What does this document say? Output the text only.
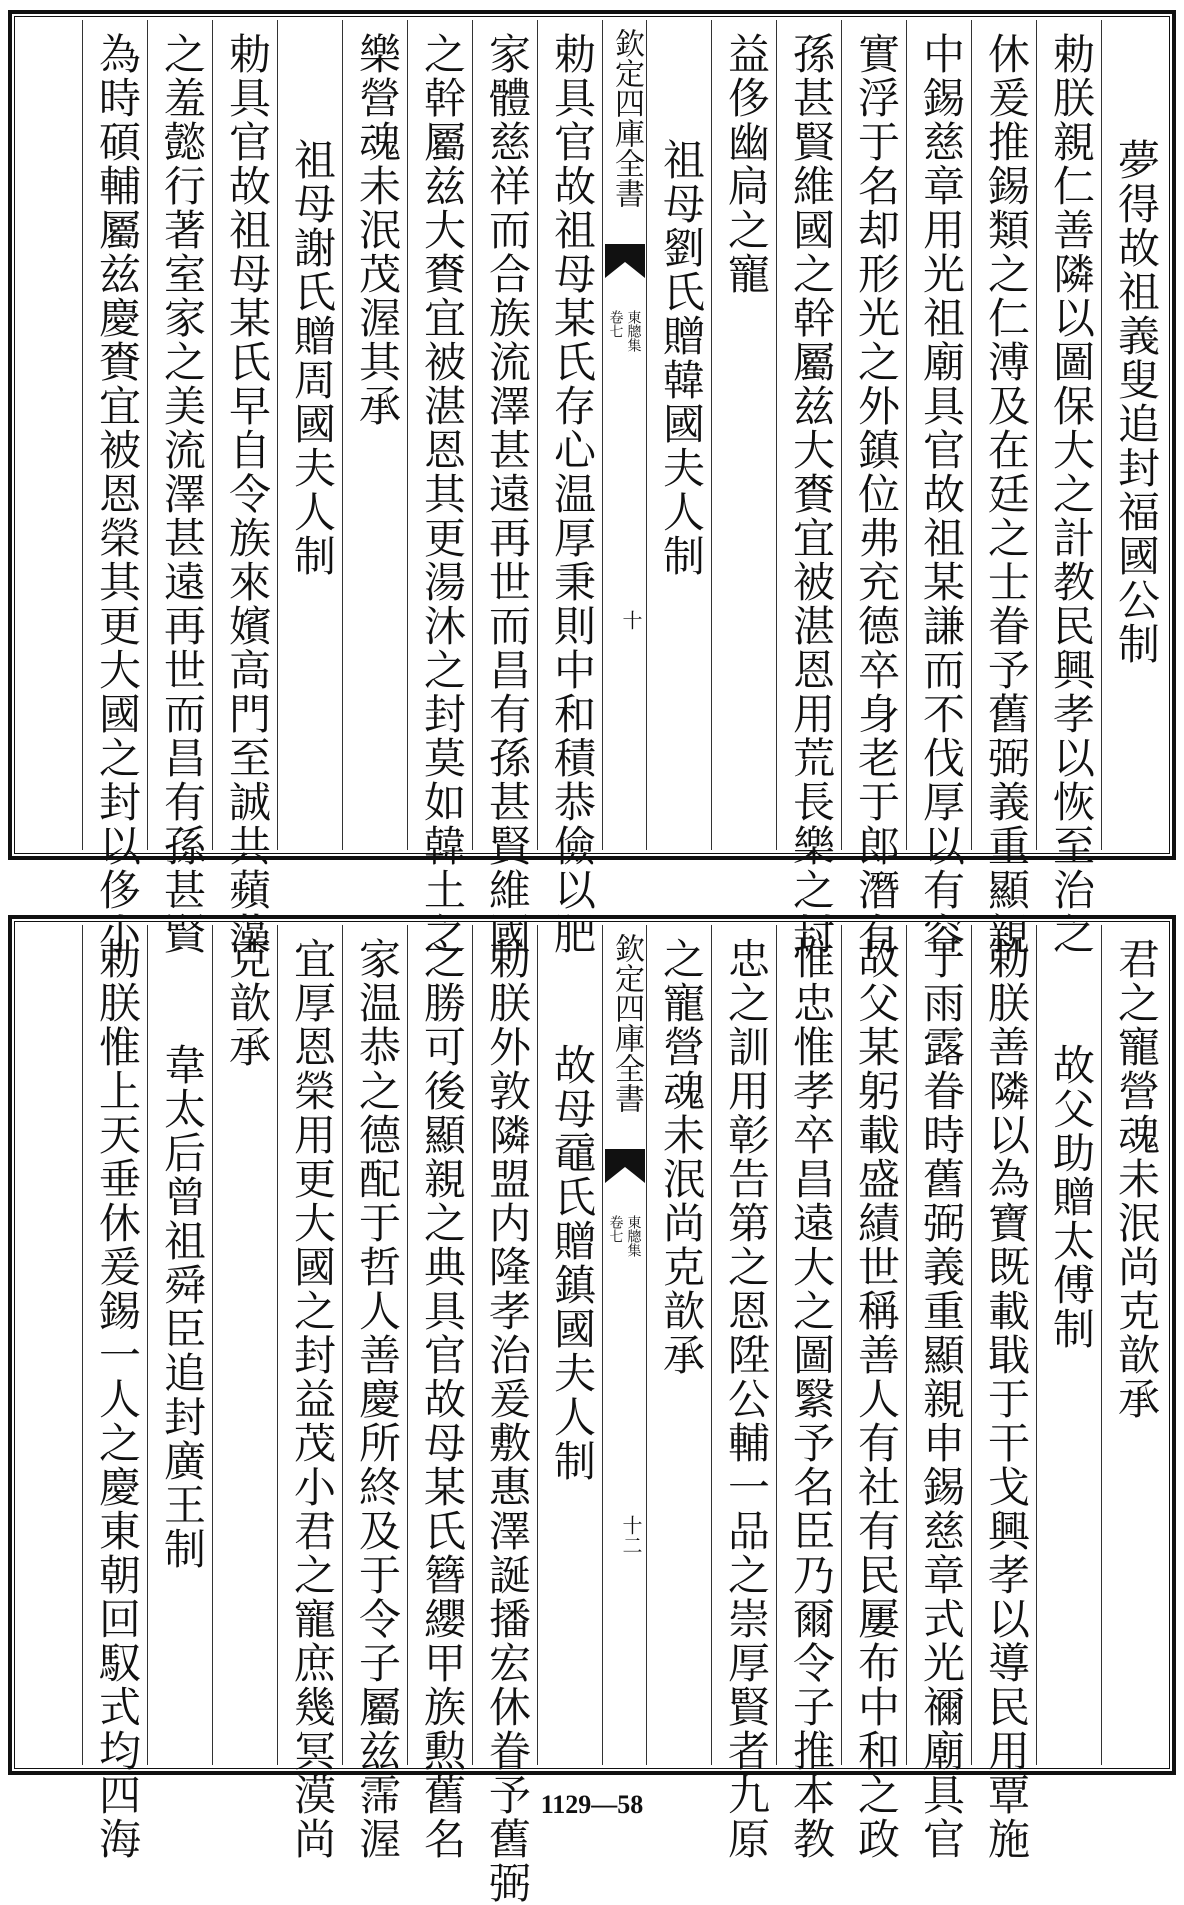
夢得故祖義叟追封福國公制
勅朕親仁善隣以圖保大之計教民興孝以恢至治之
休爰推錫類之仁溥及在廷之士眷予舊弼義重顯親
中錫慈章用光祖廟具官故祖某謙而不伐厚以有容
實浮于名却形光之外鎮位弗充德卒身老于郎潛有
孫甚賢維國之幹屬兹大賚宜被湛恩用荒長樂之封
益侈幽扃之寵
祖母劉氏贈韓國夫人制
欽定四庫全書
東牕集
卷七
十
勅具官故祖母某氏存心温厚秉則中和積恭儉以肥
家體慈祥而合族流澤甚遠再世而昌有孫甚賢維國
之幹屬兹大賚宜被湛恩其更湯沐之封莫如韓土之
樂營魂未泯茂渥其承
祖母謝氏贈周國夫人制
勅具官故祖母某氏早自令族來嬪高門至誠共蘋藻
之羞懿行著室家之美流澤甚遠再世而昌有孫甚賢
為時碩輔屬兹慶賚宜被恩榮其更大國之封以侈小
君之寵營魂未泯尚克歆承
故父助贈太傅制
勅朕善隣以為寶既載戢于干戈興孝以導民用覃施
于雨露眷時舊弼義重顯親申錫慈章式光禰廟具官
故父某躬載盛績世稱善人有社有民屢布中和之政
惟忠惟孝卒昌遠大之圖繄予名臣乃爾令子推本教
忠之訓用彰告第之恩陞公輔一品之崇厚賢者九原
之寵營魂未泯尚克歆承
欽定四庫全書
東牕集
卷七
十二
故母黿氏贈鎮國夫人制
勅朕外敦隣盟内隆孝治爰敷惠澤誕播宏休眷予舊弼
之勝可後顯親之典具官故母某氏簪纓甲族勲舊名
家温恭之德配于哲人善慶所終及于令子屬兹霈渥
宜厚恩榮用更大國之封益茂小君之寵庶幾冥漠尚
克歆承
韋太后曾祖舜臣追封廣王制
勅朕惟上天垂休爰錫一人之慶東朝回馭式均四海	1129—58
